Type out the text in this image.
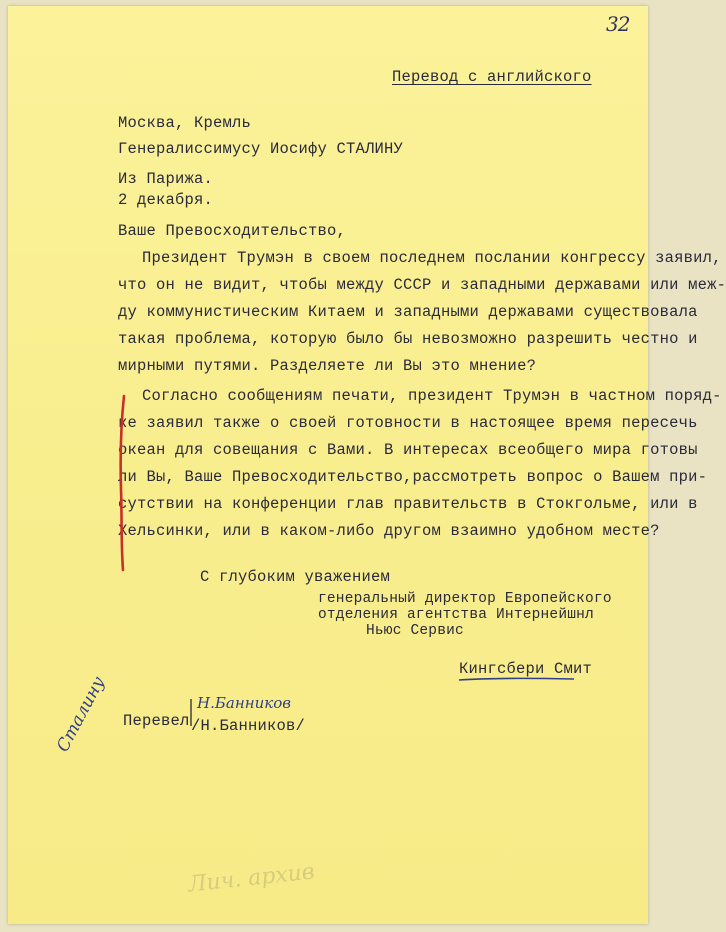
32
Перевод с английского
Москва, Кремль
Генералиссимусу Иосифу СТАЛИНУ
Из Парижа.
2 декабря.
Ваше Превосходительство,
Президент Трумэн в своем последнем послании конгрессу заявил,
что он не видит, чтобы между СССР и западными державами или меж-
ду коммунистическим Китаем и западными державами существовала
такая проблема, которую было бы невозможно разрешить честно и
мирными путями. Разделяете ли Вы это мнение?
Согласно сообщениям печати, президент Трумэн в частном поряд-
ке заявил также о своей готовности в настоящее время пересечь
океан для совещания с Вами. В интересах всеобщего мира готовы
ли Вы, Ваше Превосходительство,рассмотреть вопрос о Вашем при-
сутствии на конференции глав правительств в Стокгольме, или в
Хельсинки, или в каком-либо другом взаимно удобном месте?
С глубоким уважением
генеральный директор Европейского
отделения агентства Интернейшнл
Ньюс Сервис
Кингсбери Смит
Перевел
Н.Банников
/Н.Банников/
Сталину
Лич. архив
